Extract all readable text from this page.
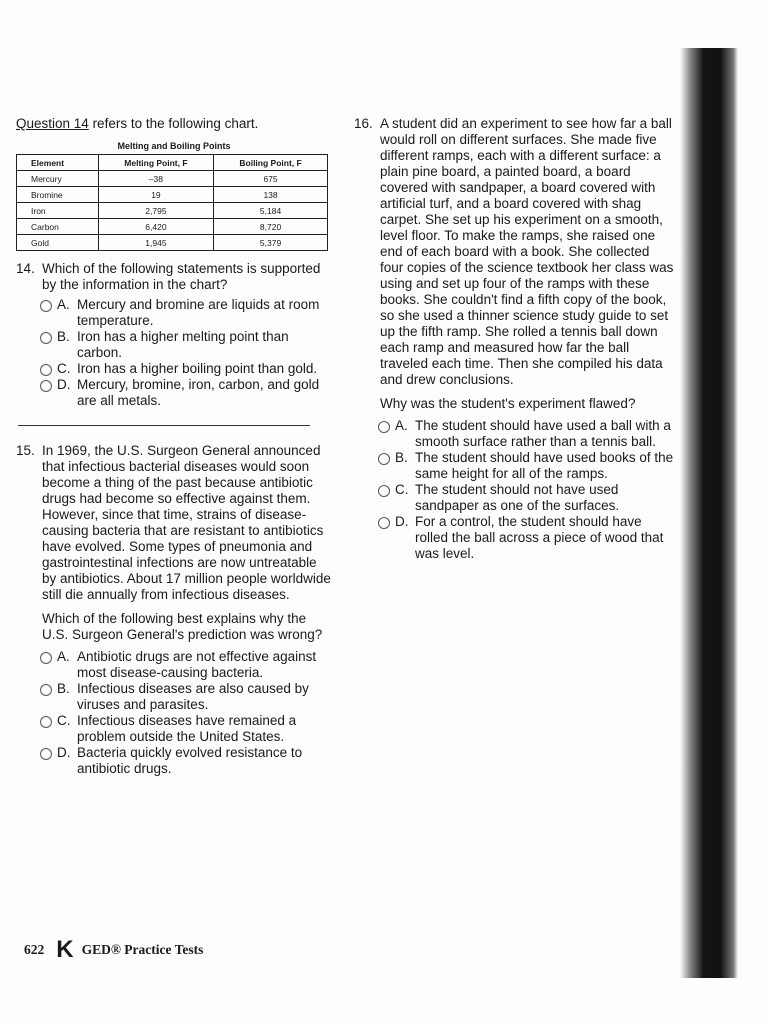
Question 14 refers to the following chart.

Melting and Boiling Points
Element	Melting Point, F	Boiling Point, F
Mercury	–38	675
Bromine	19	138
Iron	2,795	5,184
Carbon	6,420	8,720
Gold	1,945	5,379
14. Which of the following statements is supported by the information in the chart?
A. Mercury and bromine are liquids at room temperature.
B. Iron has a higher melting point than carbon.
C. Iron has a higher boiling point than gold.
D. Mercury, bromine, iron, carbon, and gold are all metals.
15. In 1969, the U.S. Surgeon General announced that infectious bacterial diseases would soon become a thing of the past because antibiotic drugs had become so effective against them. However, since that time, strains of disease-causing bacteria that are resistant to antibiotics have evolved. Some types of pneumonia and gastrointestinal infections are now untreatable by antibiotics. About 17 million people worldwide still die annually from infectious diseases.
Which of the following best explains why the U.S. Surgeon General's prediction was wrong?
A. Antibiotic drugs are not effective against most disease-causing bacteria.
B. Infectious diseases are also caused by viruses and parasites.
C. Infectious diseases have remained a problem outside the United States.
D. Bacteria quickly evolved resistance to antibiotic drugs.
16. A student did an experiment to see how far a ball would roll on different surfaces. She made five different ramps, each with a different surface: a plain pine board, a painted board, a board covered with sandpaper, a board covered with artificial turf, and a board covered with shag carpet. She set up his experiment on a smooth, level floor. To make the ramps, she raised one end of each board with a book. She collected four copies of the science textbook her class was using and set up four of the ramps with these books. She couldn't find a fifth copy of the book, so she used a thinner science study guide to set up the fifth ramp. She rolled a tennis ball down each ramp and measured how far the ball traveled each time. Then she compiled his data and drew conclusions.
Why was the student's experiment flawed?
A. The student should have used a ball with a smooth surface rather than a tennis ball.
B. The student should have used books of the same height for all of the ramps.
C. The student should not have used sandpaper as one of the surfaces.
D. For a control, the student should have rolled the ball across a piece of wood that was level.
622 K GED® Practice Tests
